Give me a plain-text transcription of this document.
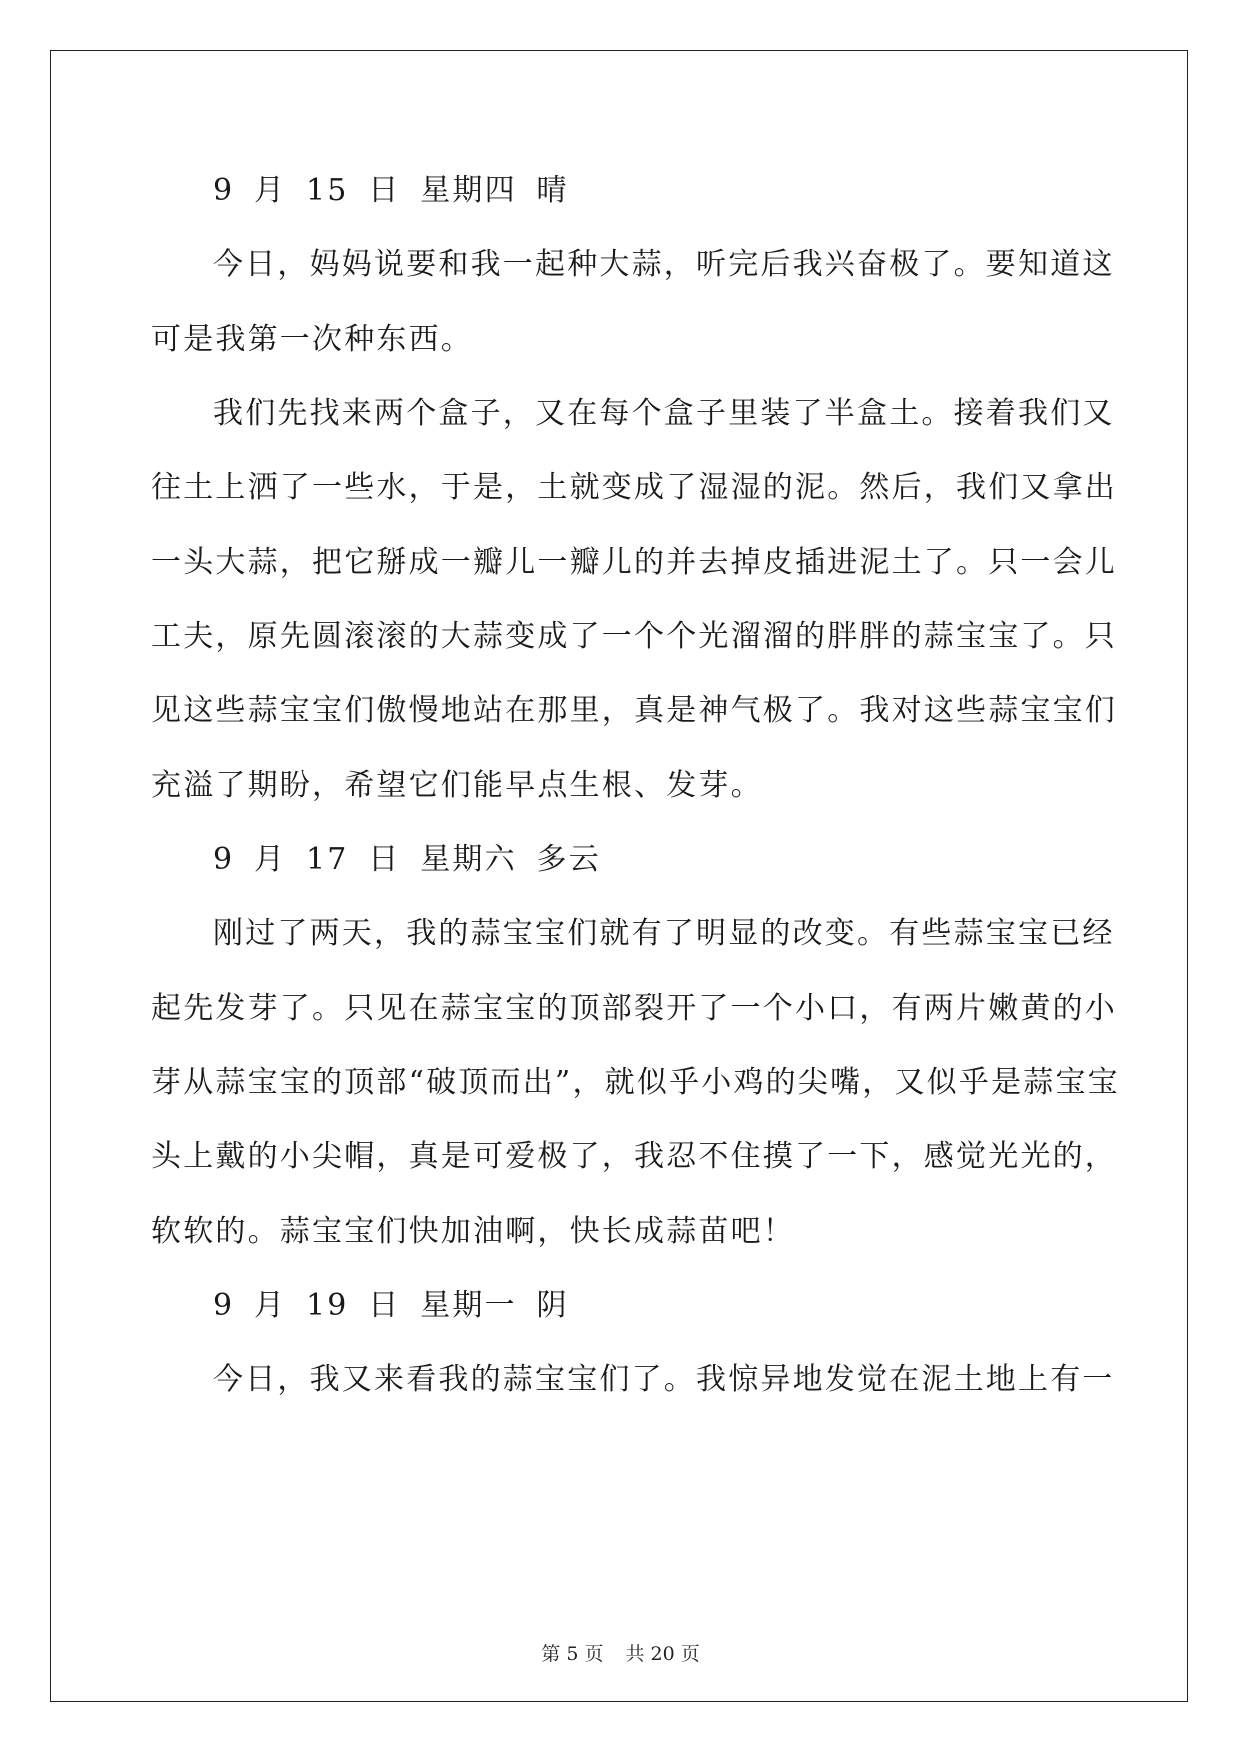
9 月 15 日 星期四 晴
今日，妈妈说要和我一起种大蒜，听完后我兴奋极了。要知道这
可是我第一次种东西。
我们先找来两个盒子，又在每个盒子里装了半盒土。接着我们又
往土上洒了一些水，于是，土就变成了湿湿的泥。然后，我们又拿出
一头大蒜，把它掰成一瓣儿一瓣儿的并去掉皮插进泥土了。只一会儿
工夫，原先圆滚滚的大蒜变成了一个个光溜溜的胖胖的蒜宝宝了。只
见这些蒜宝宝们傲慢地站在那里，真是神气极了。我对这些蒜宝宝们
充溢了期盼，希望它们能早点生根、发芽。
9 月 17 日 星期六 多云
刚过了两天，我的蒜宝宝们就有了明显的改变。有些蒜宝宝已经
起先发芽了。只见在蒜宝宝的顶部裂开了一个小口，有两片嫩黄的小
芽从蒜宝宝的顶部“破顶而出”，就似乎小鸡的尖嘴，又似乎是蒜宝宝
头上戴的小尖帽，真是可爱极了，我忍不住摸了一下，感觉光光的，
软软的。蒜宝宝们快加油啊，快长成蒜苗吧！
9 月 19 日 星期一 阴
今日，我又来看我的蒜宝宝们了。我惊异地发觉在泥土地上有一
第 5 页 共 20 页
